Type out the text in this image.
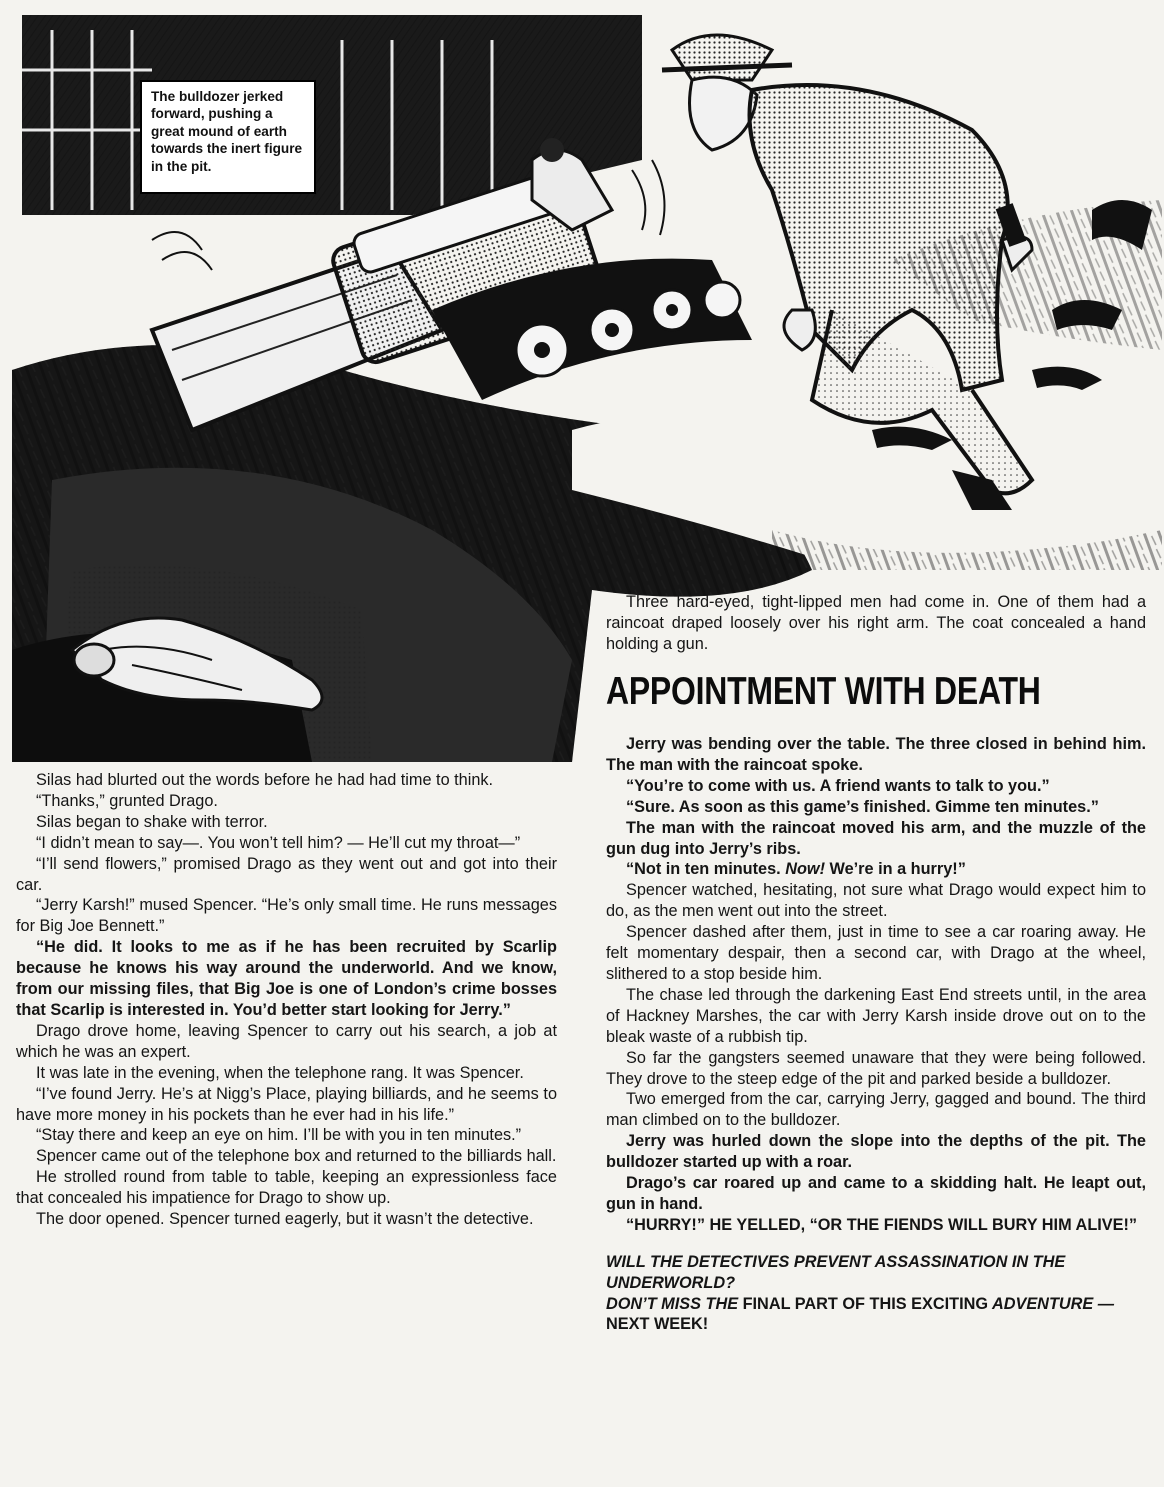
The bulldozer jerked forward, pushing a great mound of earth towards the inert figure in the pit.

Three hard-eyed, tight-lipped men had come in. One of them had a raincoat draped loosely over his right arm. The coat concealed a hand holding a gun.

APPOINTMENT WITH DEATH

Silas had blurted out the words before he had had time to think.

“Thanks,” grunted Drago.

Silas began to shake with terror.

“I didn’t mean to say—. You won’t tell him? — He’ll cut my throat—”

“I’ll send flowers,” promised Drago as they went out and got into their car.

“Jerry Karsh!” mused Spencer. “He’s only small time. He runs messages for Big Joe Bennett.”

“He did. It looks to me as if he has been recruited by Scarlip because he knows his way around the underworld. And we know, from our missing files, that Big Joe is one of London’s crime bosses that Scarlip is interested in. You’d better start looking for Jerry.”

Drago drove home, leaving Spencer to carry out his search, a job at which he was an expert.

It was late in the evening, when the telephone rang. It was Spencer.

“I’ve found Jerry. He’s at Nigg’s Place, playing billiards, and he seems to have more money in his pockets than he ever had in his life.”

“Stay there and keep an eye on him. I’ll be with you in ten minutes.”

Spencer came out of the telephone box and returned to the billiards hall.

He strolled round from table to table, keeping an expressionless face that concealed his impatience for Drago to show up.

The door opened. Spencer turned eagerly, but it wasn’t the detective.

Jerry was bending over the table. The three closed in behind him. The man with the raincoat spoke.

“You’re to come with us. A friend wants to talk to you.”

“Sure. As soon as this game’s finished. Gimme ten minutes.”

The man with the raincoat moved his arm, and the muzzle of the gun dug into Jerry’s ribs.

“Not in ten minutes. Now! We’re in a hurry!”

Spencer watched, hesitating, not sure what Drago would expect him to do, as the men went out into the street.

Spencer dashed after them, just in time to see a car roaring away. He felt momentary despair, then a second car, with Drago at the wheel, slithered to a stop beside him.

The chase led through the darkening East End streets until, in the area of Hackney Marshes, the car with Jerry Karsh inside drove out on to the bleak waste of a rubbish tip.

So far the gangsters seemed unaware that they were being followed. They drove to the steep edge of the pit and parked beside a bulldozer.

Two emerged from the car, carrying Jerry, gagged and bound. The third man climbed on to the bulldozer.

Jerry was hurled down the slope into the depths of the pit. The bulldozer started up with a roar.

Drago’s car roared up and came to a skidding halt. He leapt out, gun in hand.

“HURRY!” HE YELLED, “OR THE FIENDS WILL BURY HIM ALIVE!”

WILL THE DETECTIVES PREVENT ASSASSINATION IN THE UNDERWORLD?
DON’T MISS THE FINAL PART OF THIS EXCITING ADVENTURE — NEXT WEEK!
